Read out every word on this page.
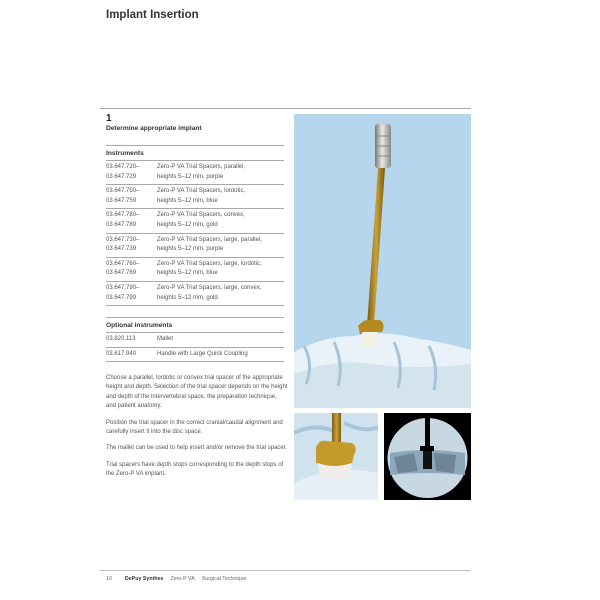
Implant Insertion
1
Determine appropriate implant
Instruments
03.647.720–
03.647.729
Zero-P VA Trial Spacers, parallel,
heights 5–12 mm, purple
03.647.750–
03.647.759
Zero-P VA Trial Spacers, lordotic,
heights 5–12 mm, blue
03.647.780–
03.647.789
Zero-P VA Trial Spacers, convex,
heights 5–12 mm, gold
03.647.730–
03.647.739
Zero-P VA Trial Spacers, large, parallel,
heights 5–12 mm, purple
03.647.760–
03.647.769
Zero-P VA Trial Spacers, large, lordotic,
heights 5–12 mm, blue
03.647.790–
03.647.799
Zero-P VA Trial Spacers, large, convex,
heights 5–12 mm, gold
Optional instruments
03.820.113	Mallet
03.617.940	Handle with Large Quick Coupling

Choose a parallel, lordotic or convex trial spacer of the appropriate height and depth. Selection of the trial spacer depends on the height and depth of the intervertebral space, the preparation technique, and patient anatomy.

Position the trial spacer in the correct cranial/caudal alignment and carefully insert it into the disc space.

The mallet can be used to help insert and/or remove the trial spacer.

Trial spacers have depth stops corresponding to the depth stops of the Zero-P VA implant.

10 DePuy Synthes Zero-P VA Surgical Technique
